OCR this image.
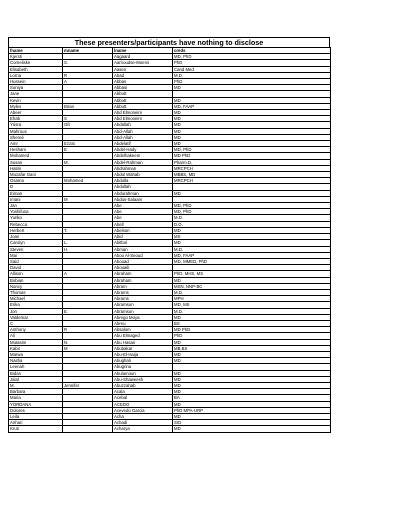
These presenters/participants have nothing to disclose
fname	mname	lname	creds
Kjersti		Aagaard	MD, PhD
Corneliske	S.	Aarnoudse-Moens	PhD
Elisabeth		Aasen	Cand Med
Lorna	R	Abad	M.D.
Hussein	A	Abbas	PhD
Soniya		Abbasi	MD
Jane		Abbott	
Kevin		Abbott	MD
Myles	Brian	Abbott	MD, FAAP
Abeer		Abd Elmoneim	MD
Ehab	S	Abd Elmoneim	MD
Yúsra	Oß	Abdallah	MD
Mahrous		Abd-Allah	MD
Shereé		Abd-Allah	MD
Amr	Ezzat	Abdelatif	MD
Hesham	E	Abdel-Hady	MD, PhD
Mohamed		Abdelhakeem	MD PhD
Susan	M.	Abdel-Rahman	Pharm.D.
Hatim		Abdrahman	MRCPCH
Muzafar Gani		Abdul Wahab	MBBS, MD
Osama	Mohamed	Abdulla	MRCPCH
D		Abdullah	
Eiman		Abdurahman	MD
Imani	M	Abdus-Salaam	
Jan		Abe	MD, PhD
Yoshifusa		Abe	MD, PhD
Yuriko		Abe	M.D.
Rebecca		Abell	D.O.
Herbert	T.	Abelson	MD
Joan		Abid	MS
Carolyn	L.	Abitbol	MD
Steven	H.	Abman	M.D.
Mai		Abou Al-Seoud	MD, FAAP
Said		Abouad	MD, MMED, PhD
David		Abouaili	
Allison	A	Abraham	PhD, MHS, MS
Bobian		Abraham	MD
Nancy		Abram	MSN, NNP-BC
Thomas		Abrams	M.D.
Michael		Abrams	MPH
Erika		Abramson	MD, MS
Jon	E.	Abramson	M.D.
Valdemar		Abrego Moya	MD
C		Abreu	BS
Anthony	R	Absalom	MD PhD
Ali		Abu Elmaged	PhD
Mutasim	N.	Abu Hasan	MD
Kabir	M	Abubakar	MB.BS
Marwa		Abu-El-Haija	MD
Nasha		Abughali	MD
Leenah		Abugrina	
Bidan		Abulamoun	MD
Jalal		Abu-Shaweesh	MD
M.	Jennifer	Abuzzahab	MD
Barbara		Acala	MD
Maria		Acebal	BA
YORDANA		ACEDO	MD
Dolores		Acevedo Garcia	PhD MPA-URP
Leila		Acha	MD
Anhari		Achadi	SrD
Kruti		Acharya	MD
